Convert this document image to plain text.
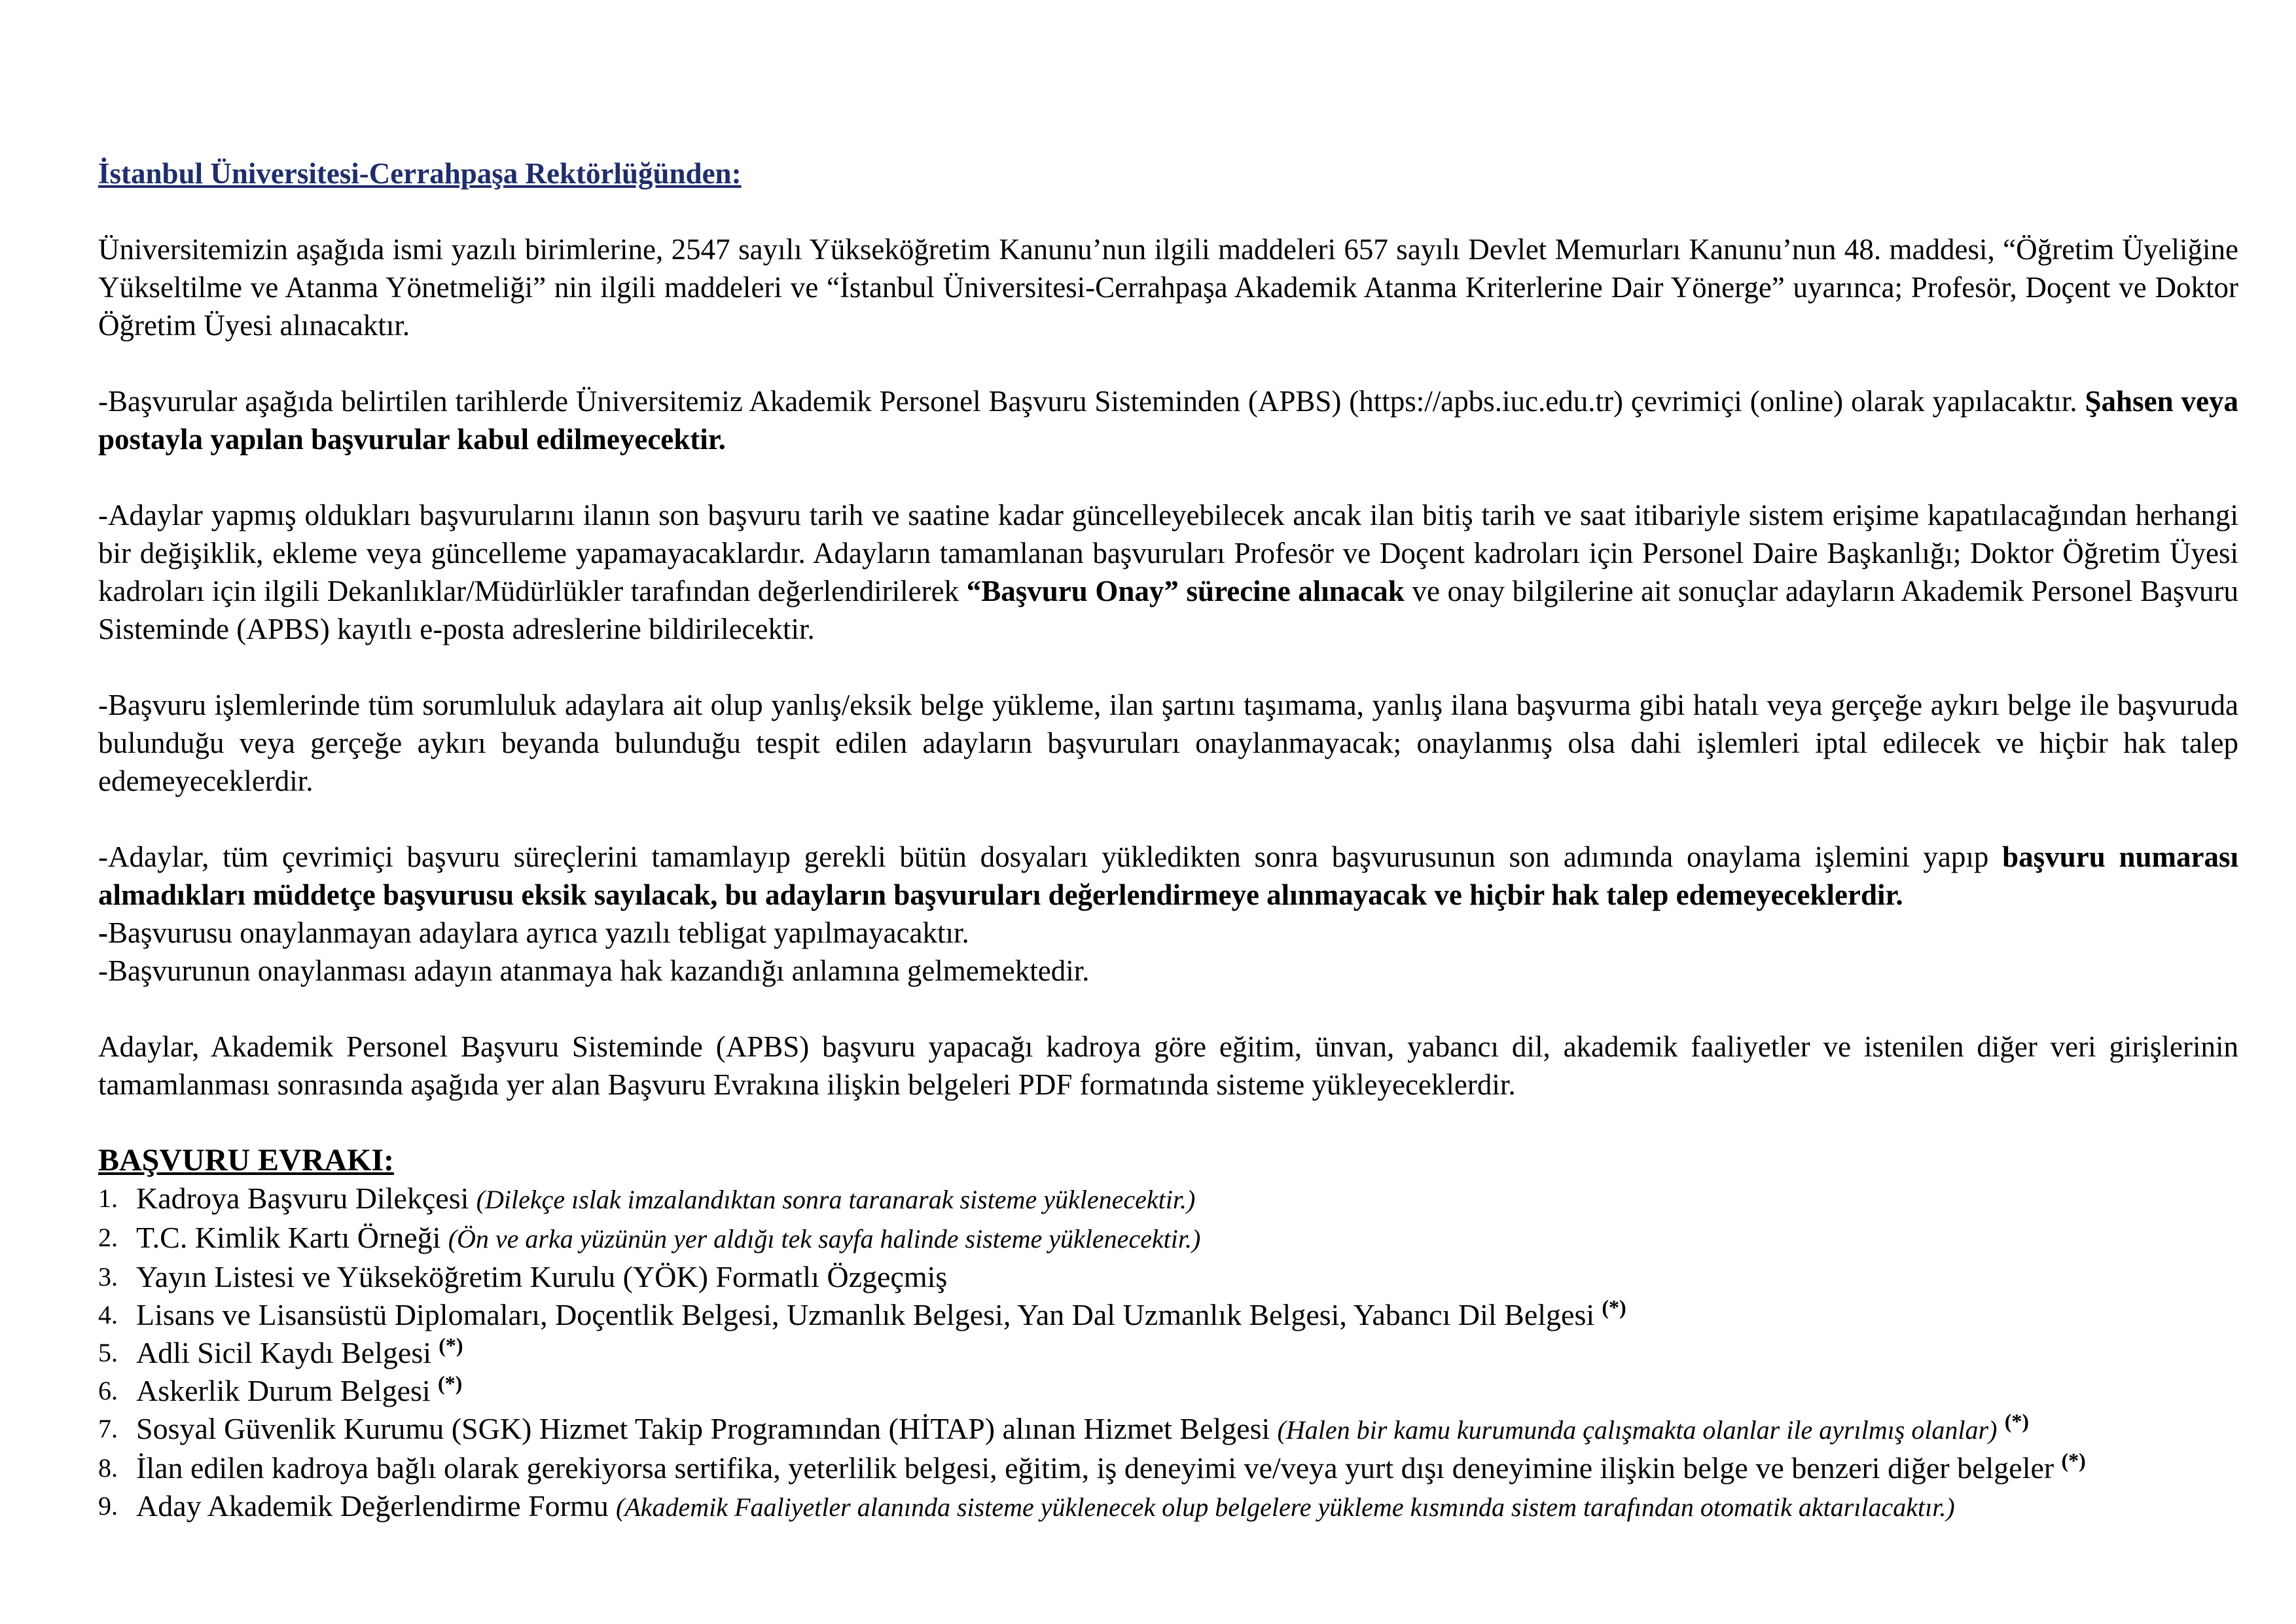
İstanbul Üniversitesi-Cerrahpaşa Rektörlüğünden:

Üniversitemizin aşağıda ismi yazılı birimlerine, 2547 sayılı Yükseköğretim Kanunu’nun ilgili maddeleri 657 sayılı Devlet Memurları Kanunu’nun 48. maddesi, “Öğretim Üyeliğine Yükseltilme ve Atanma Yönetmeliği” nin ilgili maddeleri ve “İstanbul Üniversitesi-Cerrahpaşa Akademik Atanma Kriterlerine Dair Yönerge” uyarınca; Profesör, Doçent ve Doktor Öğretim Üyesi alınacaktır.

-Başvurular aşağıda belirtilen tarihlerde Üniversitemiz Akademik Personel Başvuru Sisteminden (APBS) (https://apbs.iuc.edu.tr) çevrimiçi (online) olarak yapılacaktır. Şahsen veya postayla yapılan başvurular kabul edilmeyecektir.

-Adaylar yapmış oldukları başvurularını ilanın son başvuru tarih ve saatine kadar güncelleyebilecek ancak ilan bitiş tarih ve saat itibariyle sistem erişime kapatılacağından herhangi bir değişiklik, ekleme veya güncelleme yapamayacaklardır. Adayların tamamlanan başvuruları Profesör ve Doçent kadroları için Personel Daire Başkanlığı; Doktor Öğretim Üyesi kadroları için ilgili Dekanlıklar/Müdürlükler tarafından değerlendirilerek “Başvuru Onay” sürecine alınacak ve onay bilgilerine ait sonuçlar adayların Akademik Personel Başvuru Sisteminde (APBS) kayıtlı e-posta adreslerine bildirilecektir.

-Başvuru işlemlerinde tüm sorumluluk adaylara ait olup yanlış/eksik belge yükleme, ilan şartını taşımama, yanlış ilana başvurma gibi hatalı veya gerçeğe aykırı belge ile başvuruda bulunduğu veya gerçeğe aykırı beyanda bulunduğu tespit edilen adayların başvuruları onaylanmayacak; onaylanmış olsa dahi işlemleri iptal edilecek ve hiçbir hak talep edemeyeceklerdir.

-Adaylar, tüm çevrimiçi başvuru süreçlerini tamamlayıp gerekli bütün dosyaları yükledikten sonra başvurusunun son adımında onaylama işlemini yapıp başvuru numarası almadıkları müddetçe başvurusu eksik sayılacak, bu adayların başvuruları değerlendirmeye alınmayacak ve hiçbir hak talep edemeyeceklerdir.

-Başvurusu onaylanmayan adaylara ayrıca yazılı tebligat yapılmayacaktır.

-Başvurunun onaylanması adayın atanmaya hak kazandığı anlamına gelmemektedir.

Adaylar, Akademik Personel Başvuru Sisteminde (APBS) başvuru yapacağı kadroya göre eğitim, ünvan, yabancı dil, akademik faaliyetler ve istenilen diğer veri girişlerinin tamamlanması sonrasında aşağıda yer alan Başvuru Evrakına ilişkin belgeleri PDF formatında sisteme yükleyeceklerdir.

BAŞVURU EVRAKI:
1. Kadroya Başvuru Dilekçesi (Dilekçe ıslak imzalandıktan sonra taranarak sisteme yüklenecektir.)
2. T.C. Kimlik Kartı Örneği (Ön ve arka yüzünün yer aldığı tek sayfa halinde sisteme yüklenecektir.)
3. Yayın Listesi ve Yükseköğretim Kurulu (YÖK) Formatlı Özgeçmiş
4. Lisans ve Lisansüstü Diplomaları, Doçentlik Belgesi, Uzmanlık Belgesi, Yan Dal Uzmanlık Belgesi, Yabancı Dil Belgesi (*)
5. Adli Sicil Kaydı Belgesi (*)
6. Askerlik Durum Belgesi (*)
7. Sosyal Güvenlik Kurumu (SGK) Hizmet Takip Programından (HİTAP) alınan Hizmet Belgesi (Halen bir kamu kurumunda çalışmakta olanlar ile ayrılmış olanlar) (*)
8. İlan edilen kadroya bağlı olarak gerekiyorsa sertifika, yeterlilik belgesi, eğitim, iş deneyimi ve/veya yurt dışı deneyimine ilişkin belge ve benzeri diğer belgeler (*)
9. Aday Akademik Değerlendirme Formu (Akademik Faaliyetler alanında sisteme yüklenecek olup belgelere yükleme kısmında sistem tarafından otomatik aktarılacaktır.)
